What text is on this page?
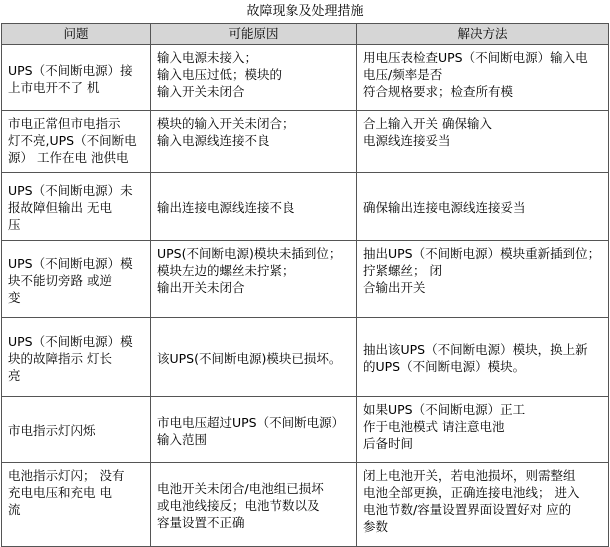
故障现象及处理措施
问题	可能原因	解决方法

UPS（不间断电源）接
上市电开不了 机	输入电源未接入；
输入电压过低；模块的
输入开关未闭合	用电压表检查UPS（不间断电源）输入电
电压/频率是否
符合规格要求；检查所有模

市电正常但市电指示
灯不亮,UPS（不间断电
源） 工作在电 池供电	模块的输入开关未闭合；
输入电源线连接不良	合上输入开关 确保输入
电源线连接妥当

UPS（不间断电源）未
报故障但输出 无电
压	输出连接电源线连接不良	确保输出连接电源线连接妥当

UPS（不间断电源）模
块不能切旁路 或逆
变	UPS(不间断电源)模块未插到位；
模块左边的螺丝未拧紧；
输出开关未闭合	抽出UPS（不间断电源）模块重新插到位；
拧紧螺丝； 闭
合输出开关

UPS（不间断电源）模
块的故障指示 灯长
亮	该UPS(不间断电源)模块已损坏。	抽出该UPS（不间断电源）模块，换上新
的UPS（不间断电源）模块。

市电指示灯闪烁	市电电压超过UPS（不间断电源）
输入范围	如果UPS（不间断电源）正工
作于电池模式 请注意电池
后备时间

电池指示灯闪； 没有
充电电压和充电 电
流	电池开关未闭合/电池组已损坏
或电池线接反；电池节数以及
容量设置不正确	闭上电池开关，若电池损坏，则需整组
电池全部更换，正确连接电池线； 进入
电池节数/容量设置界面设置好对 应的
参数
